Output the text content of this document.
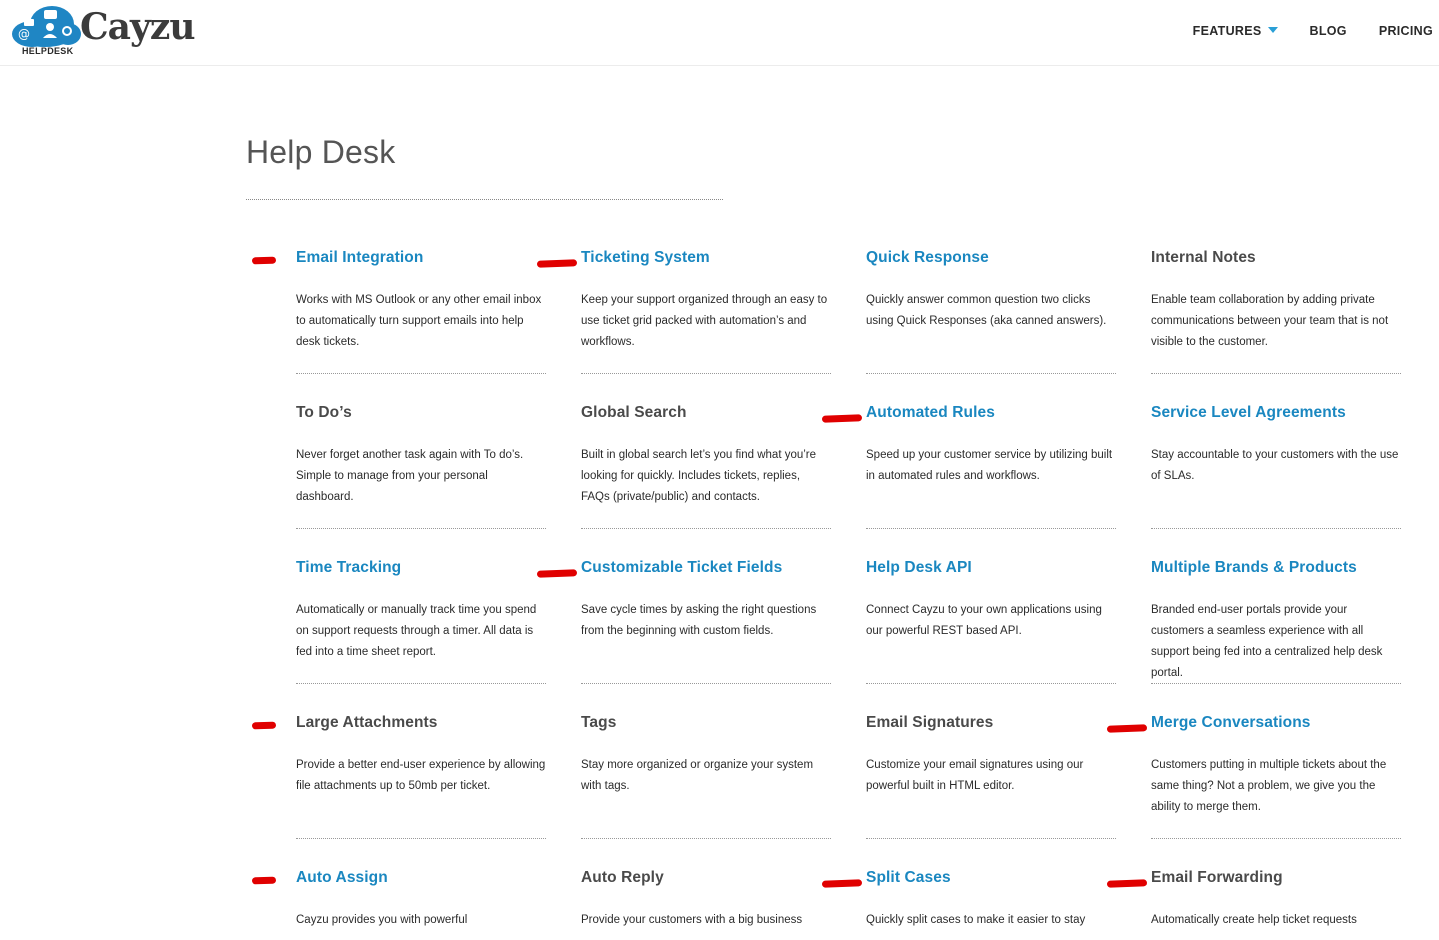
@
HELPDESK
Cayzu	FEATURES	BLOG	PRICING
Help Desk
Email Integration

Works with MS Outlook or any other email inbox to automatically turn support emails into help desk tickets.

Ticketing System

Keep your support organized through an easy to use ticket grid packed with automation’s and workflows.

Quick Response

Quickly answer common question two clicks using Quick Responses (aka canned answers).

Internal Notes

Enable team collaboration by adding private communications between your team that is not visible to the customer.

To Do’s

Never forget another task again with To do’s. Simple to manage from your personal dashboard.

Global Search

Built in global search let’s you find what you’re looking for quickly. Includes tickets, replies, FAQs (private/public) and contacts.

Automated Rules

Speed up your customer service by utilizing built in automated rules and workflows.

Service Level Agreements

Stay accountable to your customers with the use of SLAs.

Time Tracking

Automatically or manually track time you spend on support requests through a timer. All data is fed into a time sheet report.

Customizable Ticket Fields

Save cycle times by asking the right questions from the beginning with custom fields.

Help Desk API

Connect Cayzu to your own applications using our powerful REST based API.

Multiple Brands & Products

Branded end-user portals provide your customers a seamless experience with all support being fed into a centralized help desk portal.

Large Attachments

Provide a better end-user experience by allowing file attachments up to 50mb per ticket.

Tags

Stay more organized or organize your system with tags.

Email Signatures

Customize your email signatures using our powerful built in HTML editor.

Merge Conversations

Customers putting in multiple tickets about the same thing? Not a problem, we give you the ability to merge them.

Auto Assign

Cayzu provides you with powerful

Auto Reply

Provide your customers with a big business

Split Cases

Quickly split cases to make it easier to stay

Email Forwarding

Automatically create help ticket requests
